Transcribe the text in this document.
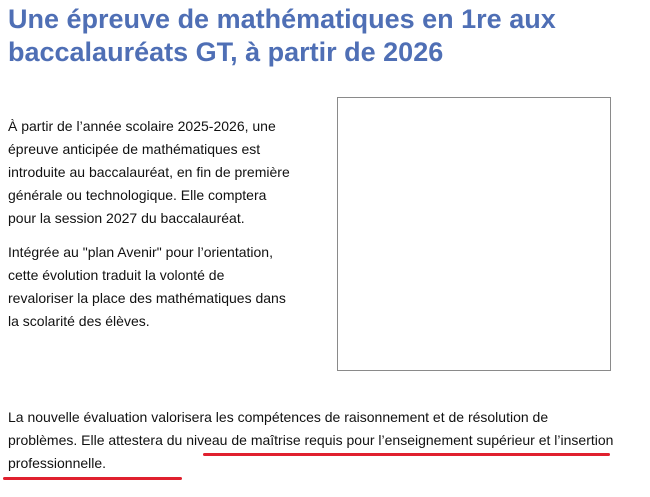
Une épreuve de mathématiques en 1re aux baccalauréats GT, à partir de 2026

À partir de l’année scolaire 2025-2026, une épreuve anticipée de mathématiques est introduite au baccalauréat, en fin de première générale ou technologique. Elle comptera pour la session 2027 du baccalauréat.

Intégrée au "plan Avenir" pour l’orientation, cette évolution traduit la volonté de revaloriser la place des mathématiques dans la scolarité des élèves.

La nouvelle évaluation valorisera les compétences de raisonnement et de résolution de problèmes. Elle attestera du niveau de maîtrise requis pour l’enseignement supérieur et l’insertion professionnelle.
